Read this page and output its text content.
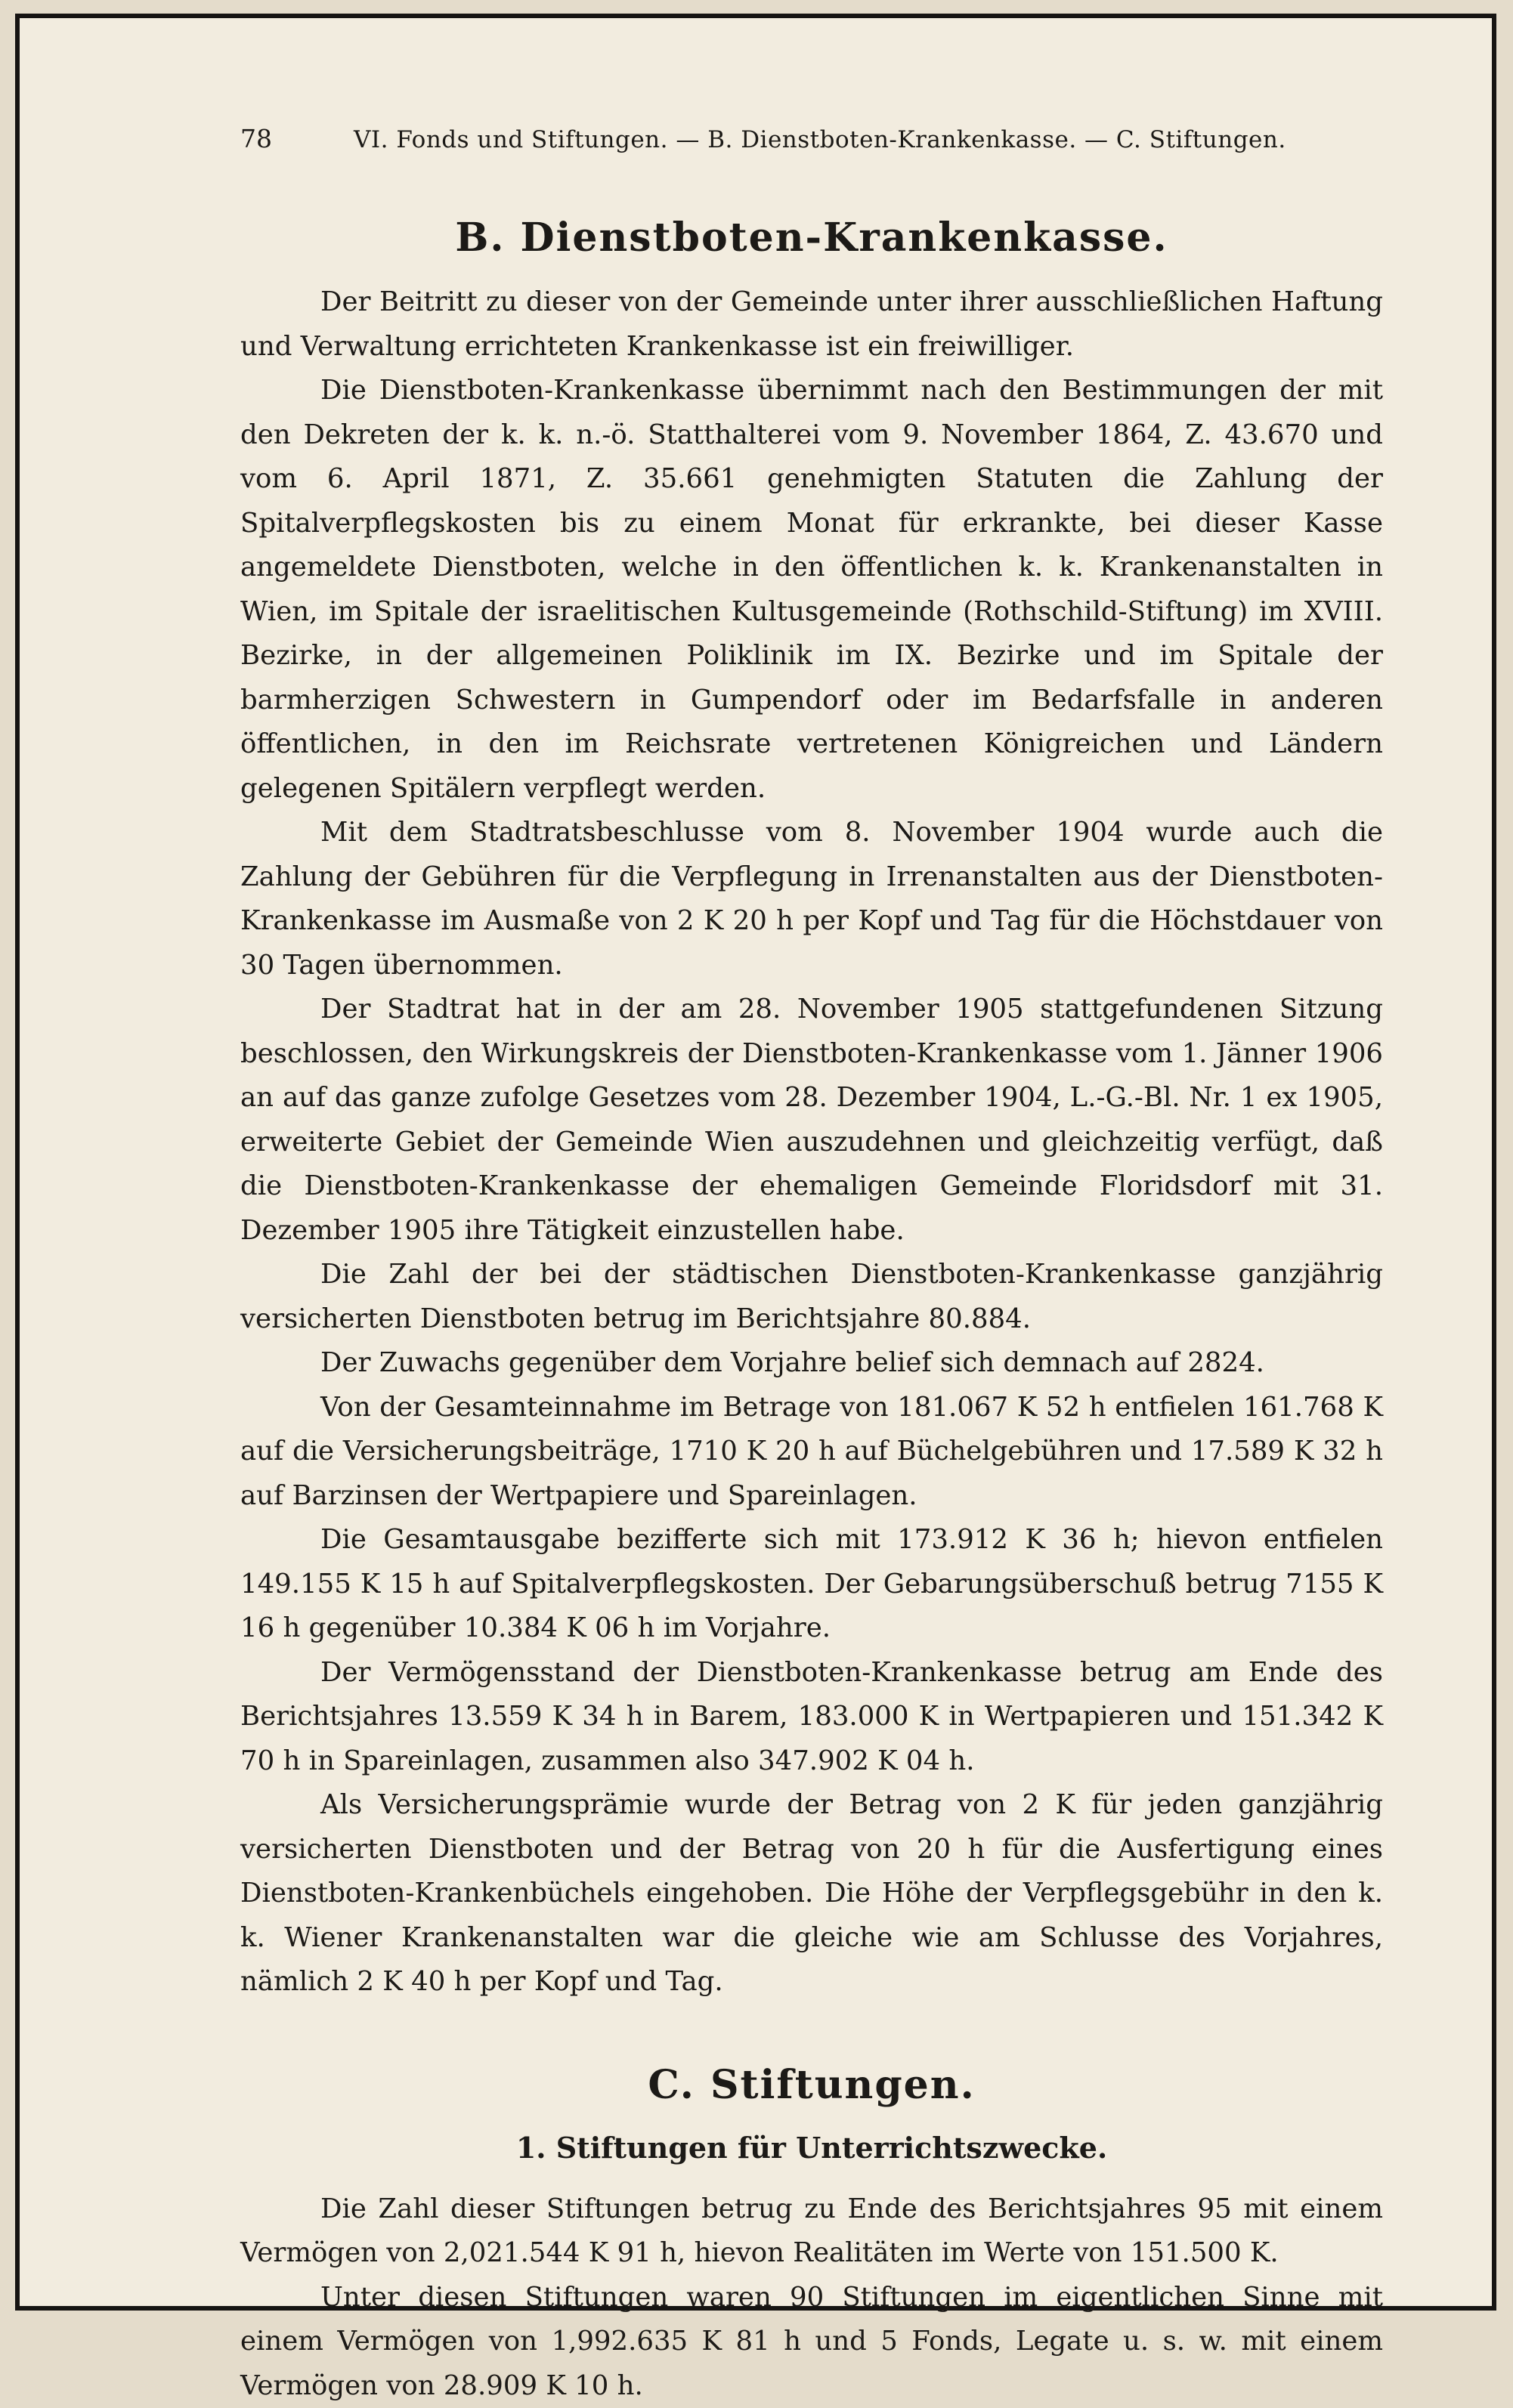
78	VI. Fonds und Stiftungen. — B. Dienstboten-Krankenkasse. — C. Stiftungen.
B. Dienstboten-Krankenkasse.

Der Beitritt zu dieser von der Gemeinde unter ihrer ausschließlichen Haftung und Verwaltung errichteten Krankenkasse ist ein freiwilliger.

Die Dienstboten-Krankenkasse übernimmt nach den Bestimmungen der mit den Dekreten der k. k. n.-ö. Statthalterei vom 9. November 1864, Z. 43.670 und vom 6. April 1871, Z. 35.661 genehmigten Statuten die Zahlung der Spitalverpflegskosten bis zu einem Monat für erkrankte, bei dieser Kasse angemeldete Dienstboten, welche in den öffentlichen k. k. Krankenanstalten in Wien, im Spitale der israelitischen Kultusgemeinde (Rothschild-Stiftung) im XVIII. Bezirke, in der allgemeinen Poliklinik im IX. Bezirke und im Spitale der barmherzigen Schwestern in Gumpendorf oder im Bedarfsfalle in anderen öffentlichen, in den im Reichsrate vertretenen Königreichen und Ländern gelegenen Spitälern verpflegt werden.

Mit dem Stadtratsbeschlusse vom 8. November 1904 wurde auch die Zahlung der Gebühren für die Verpflegung in Irrenanstalten aus der Dienstboten-Krankenkasse im Ausmaße von 2 K 20 h per Kopf und Tag für die Höchstdauer von 30 Tagen übernommen.

Der Stadtrat hat in der am 28. November 1905 stattgefundenen Sitzung beschlossen, den Wirkungskreis der Dienstboten-Krankenkasse vom 1. Jänner 1906 an auf das ganze zufolge Gesetzes vom 28. Dezember 1904, L.-G.-Bl. Nr. 1 ex 1905, erweiterte Gebiet der Gemeinde Wien auszudehnen und gleichzeitig verfügt, daß die Dienstboten-Krankenkasse der ehemaligen Gemeinde Floridsdorf mit 31. Dezember 1905 ihre Tätigkeit einzustellen habe.

Die Zahl der bei der städtischen Dienstboten-Krankenkasse ganzjährig versicherten Dienstboten betrug im Berichtsjahre 80.884.

Der Zuwachs gegenüber dem Vorjahre belief sich demnach auf 2824.

Von der Gesamteinnahme im Betrage von 181.067 K 52 h entfielen 161.768 K auf die Versicherungsbeiträge, 1710 K 20 h auf Büchelgebühren und 17.589 K 32 h auf Barzinsen der Wertpapiere und Spareinlagen.

Die Gesamtausgabe bezifferte sich mit 173.912 K 36 h; hievon entfielen 149.155 K 15 h auf Spitalverpflegskosten. Der Gebarungsüberschuß betrug 7155 K 16 h gegenüber 10.384 K 06 h im Vorjahre.

Der Vermögensstand der Dienstboten-Krankenkasse betrug am Ende des Berichtsjahres 13.559 K 34 h in Barem, 183.000 K in Wertpapieren und 151.342 K 70 h in Spareinlagen, zusammen also 347.902 K 04 h.

Als Versicherungsprämie wurde der Betrag von 2 K für jeden ganzjährig versicherten Dienstboten und der Betrag von 20 h für die Ausfertigung eines Dienstboten-Krankenbüchels eingehoben. Die Höhe der Verpflegsgebühr in den k. k. Wiener Krankenanstalten war die gleiche wie am Schlusse des Vorjahres, nämlich 2 K 40 h per Kopf und Tag.

C. Stiftungen.
1. Stiftungen für Unterrichtszwecke.

Die Zahl dieser Stiftungen betrug zu Ende des Berichtsjahres 95 mit einem Vermögen von 2,021.544 K 91 h, hievon Realitäten im Werte von 151.500 K.

Unter diesen Stiftungen waren 90 Stiftungen im eigentlichen Sinne mit einem Vermögen von 1,992.635 K 81 h und 5 Fonds, Legate u. s. w. mit einem Vermögen von 28.909 K 10 h.
